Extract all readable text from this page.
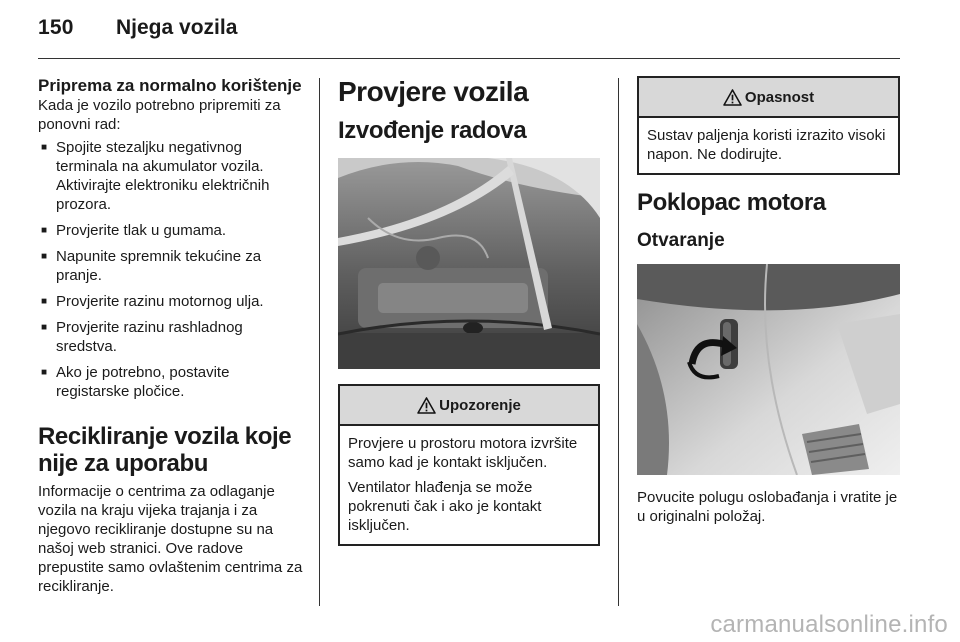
150 Njega vozila
Priprema za normalno korištenje
Kada je vozilo potrebno pripremiti za ponovni rad:
■ Spojite stezaljku negativnog terminala na akumulator vozila. Aktivirajte elektroniku električnih prozora.
■ Provjerite tlak u gumama.
■ Napunite spremnik tekućine za pranje.
■ Provjerite razinu motornog ulja.
■ Provjerite razinu rashladnog sredstva.
■ Ako je potrebno, postavite registarske pločice.
Recikliranje vozila koje nije za uporabu
Informacije o centrima za odlaganje vozila na kraju vijeka trajanja i za njegovo recikliranje dostupne su na našoj web stranici. Ove radove prepustite samo ovlaštenim centrima za recikliranje.
Provjere vozila
Izvođenje radova
Upozorenje
Provjere u prostoru motora izvršite samo kad je kontakt isključen.
Ventilator hlađenja se može pokrenuti čak i ako je kontakt isključen.
Opasnost
Sustav paljenja koristi izrazito visoki napon. Ne dodirujte.
Poklopac motora
Otvaranje
Povucite polugu oslobađanja i vratite je u originalni položaj.
carmanualsonline.info
